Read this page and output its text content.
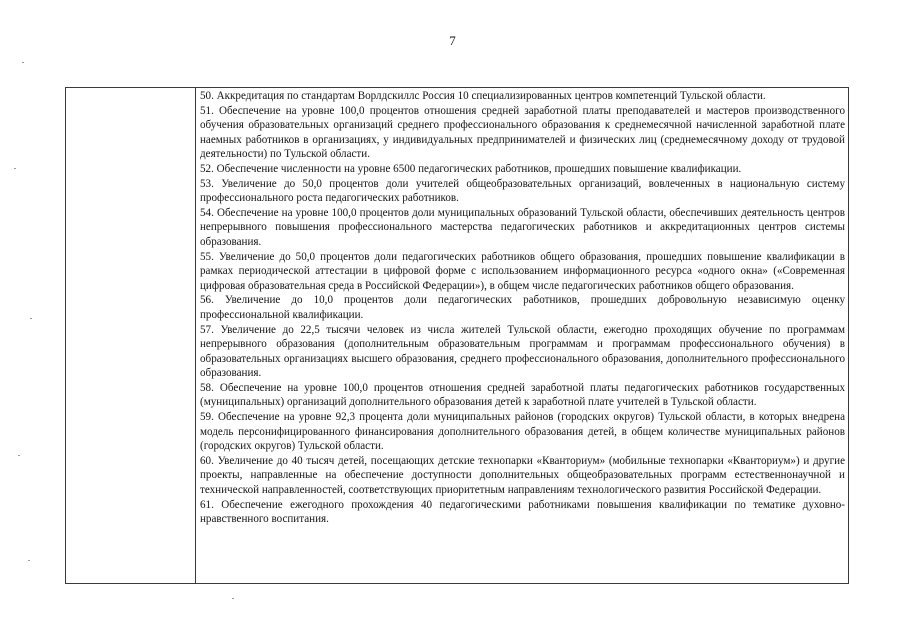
7

50. Аккредитация по стандартам Ворлдскиллс Россия 10 специализированных центров компетенций Тульской области.

51. Обеспечение на уровне 100,0 процентов отношения средней заработной платы преподавателей и мастеров производственного обучения образовательных организаций среднего профессионального образования к среднемесячной начисленной заработной плате наемных работников в организациях, у индивидуальных предпринимателей и физических лиц (среднемесячному доходу от трудовой деятельности) по Тульской области.

52. Обеспечение численности на уровне 6500 педагогических работников, прошедших повышение квалификации.

53. Увеличение до 50,0 процентов доли учителей общеобразовательных организаций, вовлеченных в национальную систему профессионального роста педагогических работников.

54. Обеспечение на уровне 100,0 процентов доли муниципальных образований Тульской области, обеспечивших деятельность центров непрерывного повышения профессионального мастерства педагогических работников и аккредитационных центров системы образования.

55. Увеличение до 50,0 процентов доли педагогических работников общего образования, прошедших повышение квалификации в рамках периодической аттестации в цифровой форме с использованием информационного ресурса «одного окна» («Современная цифровая образовательная среда в Российской Федерации»), в общем числе педагогических работников общего образования.

56. Увеличение до 10,0 процентов доли педагогических работников, прошедших добровольную независимую оценку профессиональной квалификации.

57. Увеличение до 22,5 тысячи человек из числа жителей Тульской области, ежегодно проходящих обучение по программам непрерывного образования (дополнительным образовательным программам и программам профессионального обучения) в образовательных организациях высшего образования, среднего профессионального образования, дополнительного профессионального образования.

58. Обеспечение на уровне 100,0 процентов отношения средней заработной платы педагогических работников государственных (муниципальных) организаций дополнительного образования детей к заработной плате учителей в Тульской области.

59. Обеспечение на уровне 92,3 процента доли муниципальных районов (городских округов) Тульской области, в которых внедрена модель персонифицированного финансирования дополнительного образования детей, в общем количестве муниципальных районов (городских округов) Тульской области.

60. Увеличение до 40 тысяч детей, посещающих детские технопарки «Кванториум» (мобильные технопарки «Кванториум») и другие проекты, направленные на обеспечение доступности дополнительных общеобразовательных программ естественнонаучной и технической направленностей, соответствующих приоритетным направлениям технологического развития Российской Федерации.

61. Обеспечение ежегодного прохождения 40 педагогическими работниками повышения квалификации по тематике духовно-нравственного воспитания.
